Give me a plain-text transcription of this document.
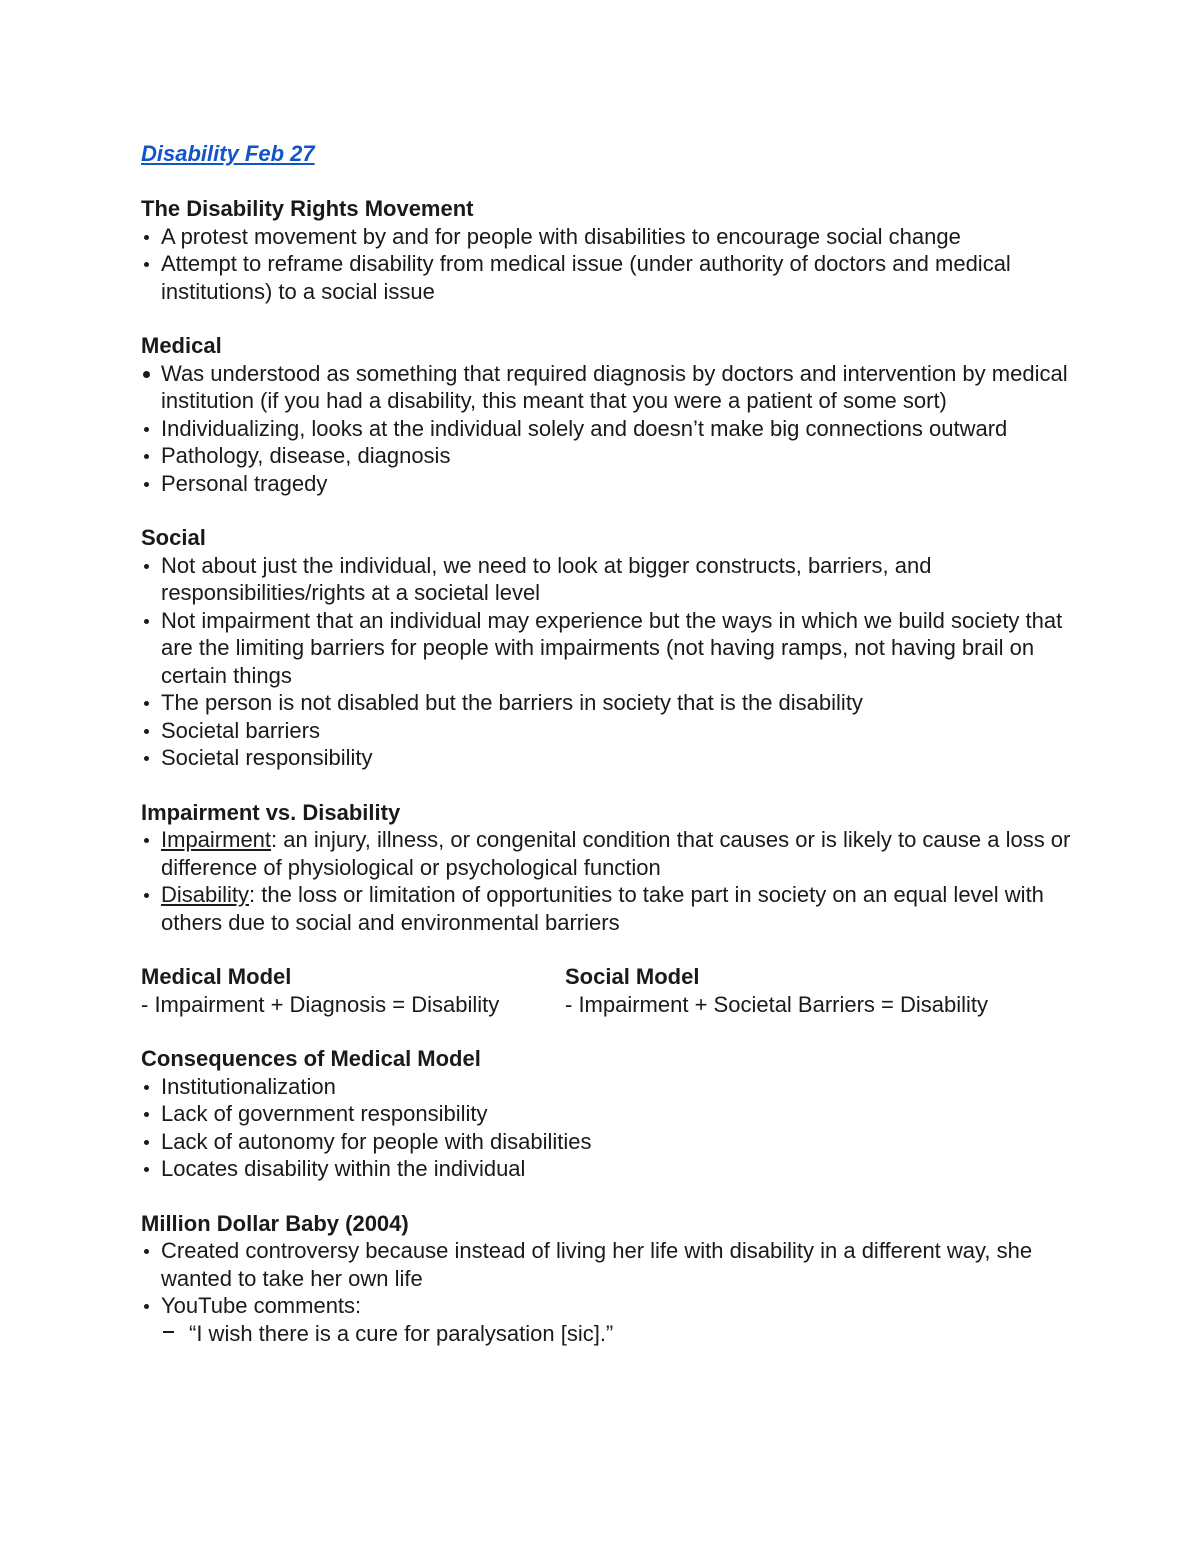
Disability Feb 27

The Disability Rights Movement

A protest movement by and for people with disabilities to encourage social change
Attempt to reframe disability from medical issue (under authority of doctors and medical institutions) to a social issue

Medical

Was understood as something that required diagnosis by doctors and intervention by medical institution (if you had a disability, this meant that you were a patient of some sort)
Individualizing, looks at the individual solely and doesn’t make big connections outward
Pathology, disease, diagnosis
Personal tragedy

Social

Not about just the individual, we need to look at bigger constructs, barriers, and responsibilities/rights at a societal level
Not impairment that an individual may experience but the ways in which we build society that are the limiting barriers for people with impairments (not having ramps, not having brail on certain things
The person is not disabled but the barriers in society that is the disability
Societal barriers
Societal responsibility

Impairment vs. Disability

Impairment: an injury, illness, or congenital condition that causes or is likely to cause a loss or difference of physiological or psychological function
Disability: the loss or limitation of opportunities to take part in society on an equal level with others due to social and environmental barriers

Medical Model

- Impairment + Diagnosis = Disability

Social Model

- Impairment + Societal Barriers = Disability

Consequences of Medical Model

Institutionalization
Lack of government responsibility
Lack of autonomy for people with disabilities
Locates disability within the individual

Million Dollar Baby (2004)

Created controversy because instead of living her life with disability in a different way, she wanted to take her own life
YouTube comments:
“I wish there is a cure for paralysation [sic].”
